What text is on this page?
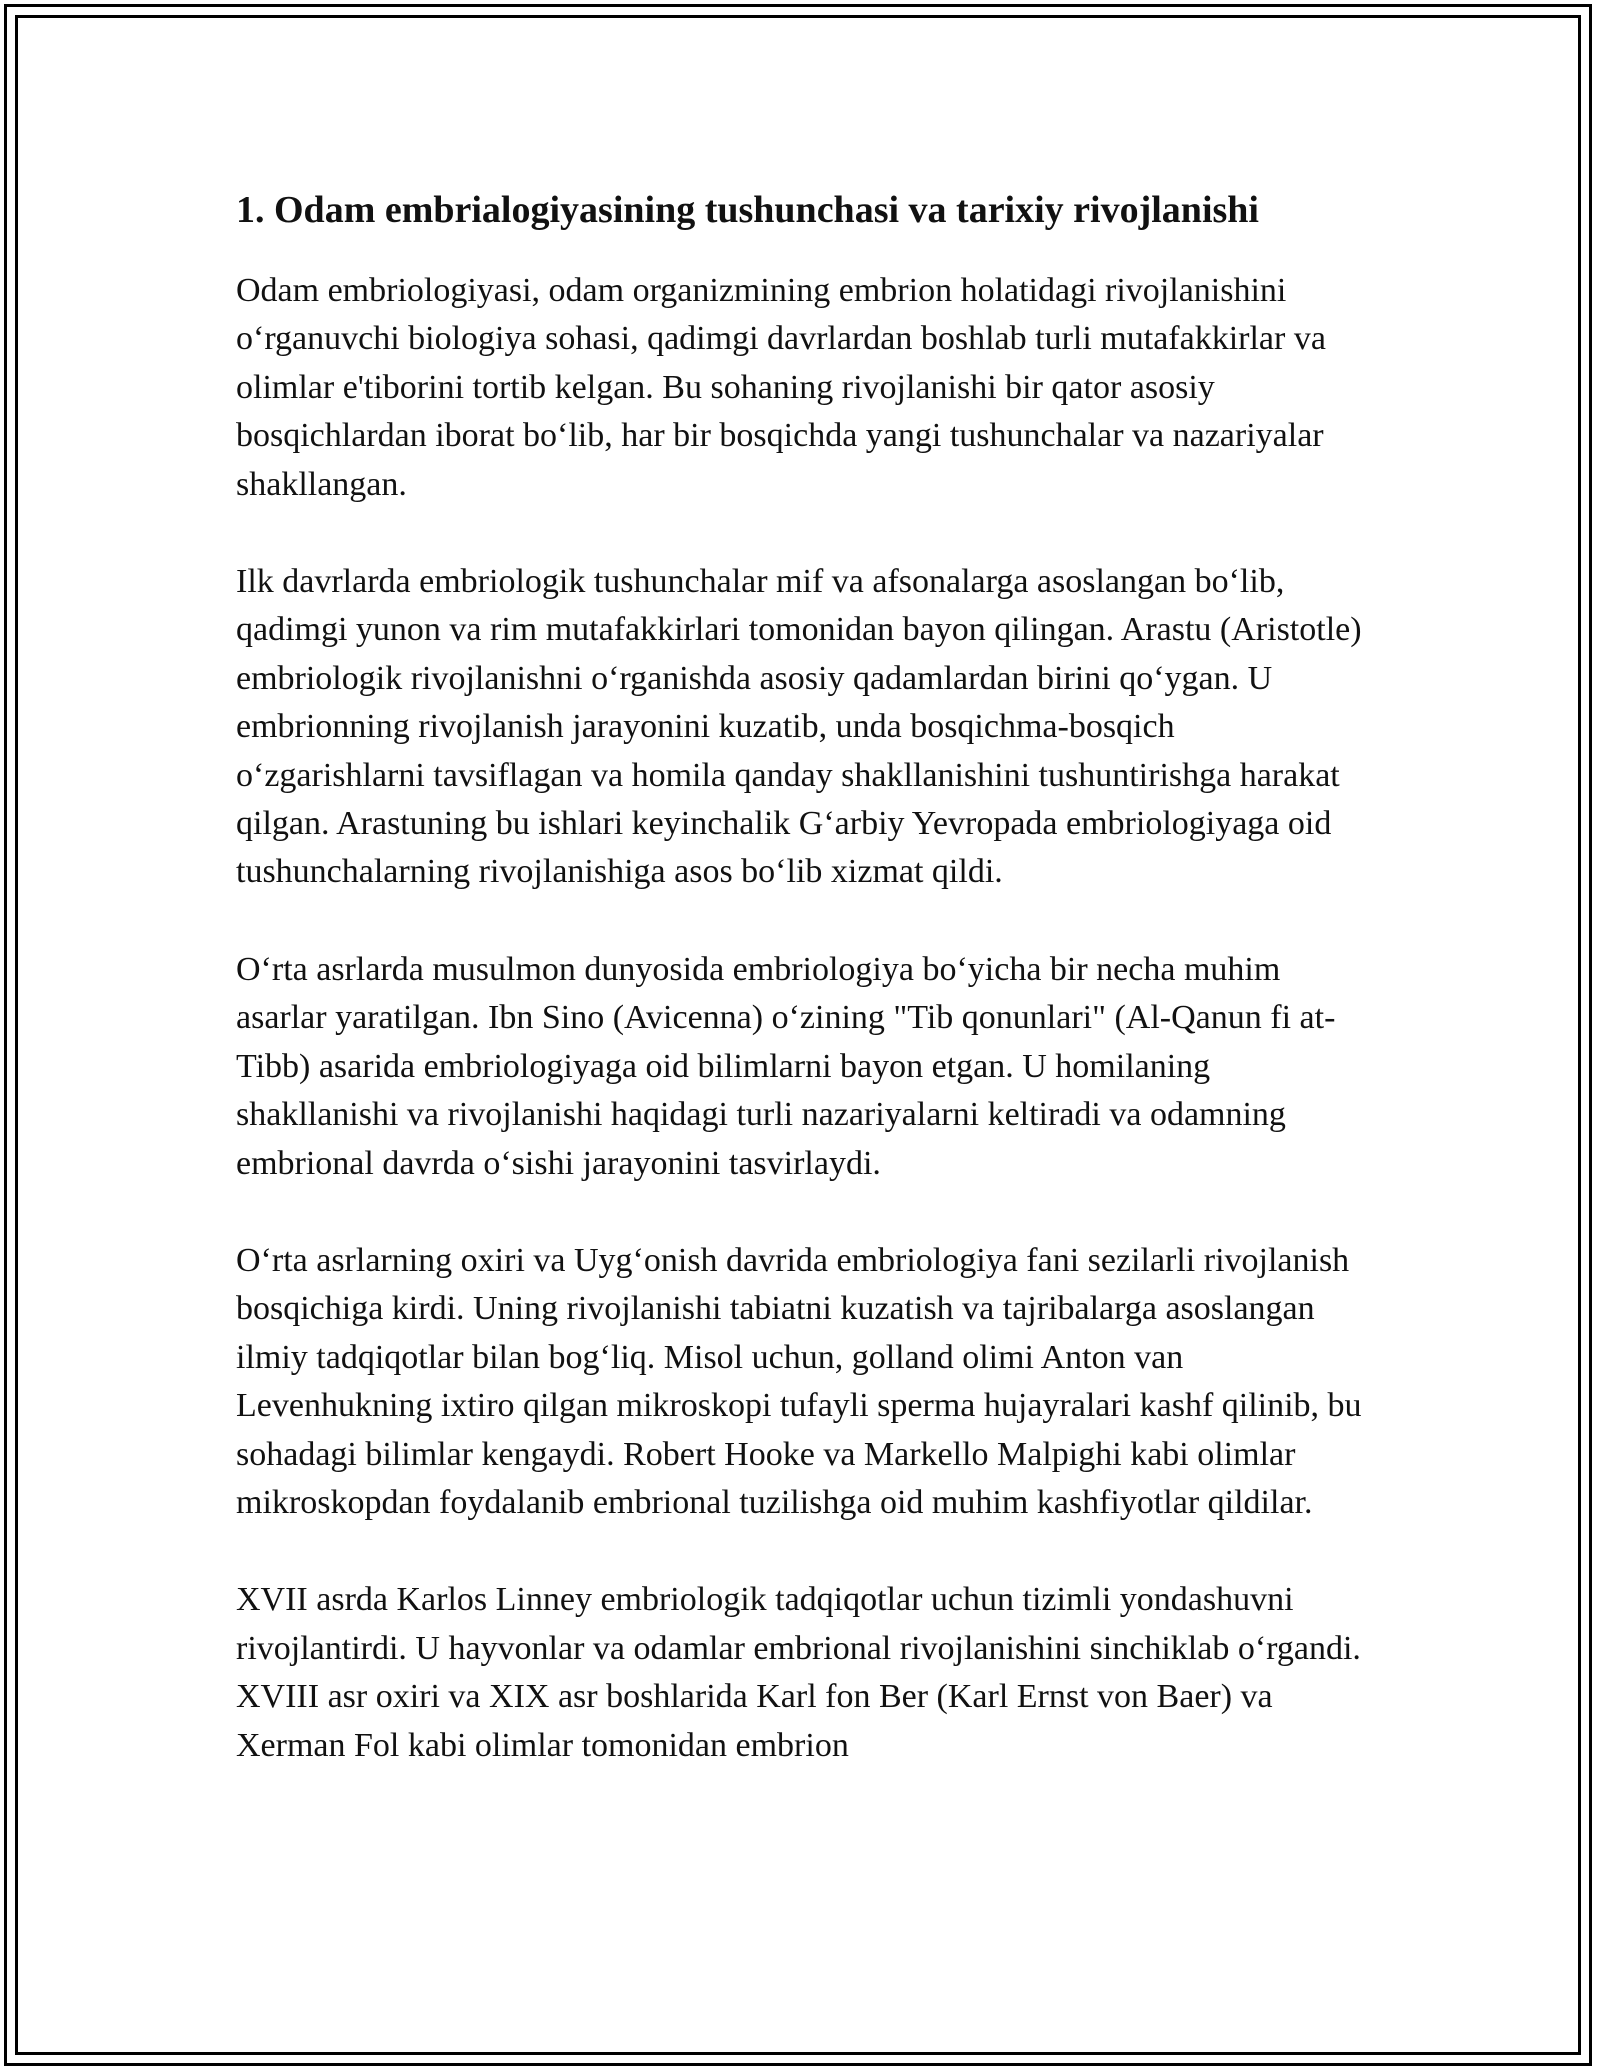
1. Odam embrialogiyasining tushunchasi va tarixiy rivojlanishi

Odam embriologiyasi, odam organizmining embrion holatidagi rivojlanishini o‘rganuvchi biologiya sohasi, qadimgi davrlardan boshlab turli mutafakkirlar va olimlar e'tiborini tortib kelgan. Bu sohaning rivojlanishi bir qator asosiy bosqichlardan iborat bo‘lib, har bir bosqichda yangi tushunchalar va nazariyalar shakllangan.

Ilk davrlarda embriologik tushunchalar mif va afsonalarga asoslangan bo‘lib, qadimgi yunon va rim mutafakkirlari tomonidan bayon qilingan. Arastu (Aristotle) embriologik rivojlanishni o‘rganishda asosiy qadamlardan birini qo‘ygan. U embrionning rivojlanish jarayonini kuzatib, unda bosqichma-bosqich o‘zgarishlarni tavsiflagan va homila qanday shakllanishini tushuntirishga harakat qilgan. Arastuning bu ishlari keyinchalik G‘arbiy Yevropada embriologiyaga oid tushunchalarning rivojlanishiga asos bo‘lib xizmat qildi.

O‘rta asrlarda musulmon dunyosida embriologiya bo‘yicha bir necha muhim asarlar yaratilgan. Ibn Sino (Avicenna) o‘zining "Tib qonunlari" (Al-Qanun fi at-Tibb) asarida embriologiyaga oid bilimlarni bayon etgan. U homilaning shakllanishi va rivojlanishi haqidagi turli nazariyalarni keltiradi va odamning embrional davrda o‘sishi jarayonini tasvirlaydi.

O‘rta asrlarning oxiri va Uyg‘onish davrida embriologiya fani sezilarli rivojlanish bosqichiga kirdi. Uning rivojlanishi tabiatni kuzatish va tajribalarga asoslangan ilmiy tadqiqotlar bilan bog‘liq. Misol uchun, golland olimi Anton van Levenhukning ixtiro qilgan mikroskopi tufayli sperma hujayralari kashf qilinib, bu sohadagi bilimlar kengaydi. Robert Hooke va Markello Malpighi kabi olimlar mikroskopdan foydalanib embrional tuzilishga oid muhim kashfiyotlar qildilar.

XVII asrda Karlos Linney embriologik tadqiqotlar uchun tizimli yondashuvni rivojlantirdi. U hayvonlar va odamlar embrional rivojlanishini sinchiklab o‘rgandi. XVIII asr oxiri va XIX asr boshlarida Karl fon Ber (Karl Ernst von Baer) va Xerman Fol kabi olimlar tomonidan embrion
